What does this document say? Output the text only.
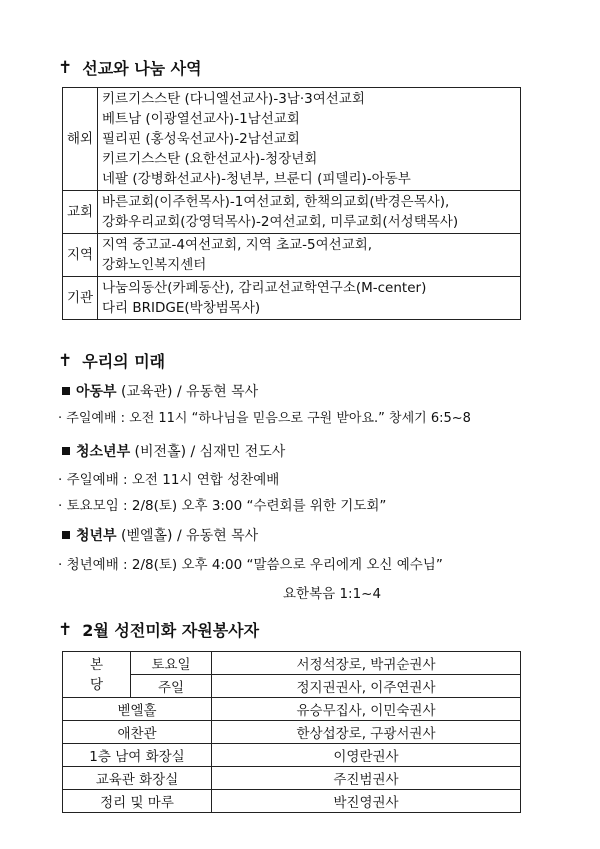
✝ 선교와 나눔 사역
해외	키르기스스탄 (다니엘선교사)-3남·3여선교회
베트남 (이광열선교사)-1남선교회
필리핀 (홍성욱선교사)-2남선교회
키르기스스탄 (요한선교사)-청장년회
네팔 (강병화선교사)-청년부, 브룬디 (피델리)-아동부

교회	바른교회(이주헌목사)-1여선교회, 한책의교회(박경은목사),
강화우리교회(강영덕목사)-2여선교회, 미루교회(서성택목사)

지역	지역 중고교-4여선교회, 지역 초교-5여선교회,
강화노인복지센터

기관	나눔의동산(카페동산), 감리교선교학연구소(M-center)
다리 BRIDGE(박창범목사)
✝ 우리의 미래
아동부 (교육관) / 유동현 목사
· 주일예배 : 오전 11시 “하나님을 믿음으로 구원 받아요.” 창세기 6:5~8
청소년부 (비전홀) / 심재민 전도사
· 주일예배 : 오전 11시 연합 성찬예배
· 토요모임 : 2/8(토) 오후 3:00 “수련회를 위한 기도회”
청년부 (벧엘홀) / 유동현 목사
· 청년예배 : 2/8(토) 오후 4:00 “말씀으로 우리에게 오신 예수님”
요한복음 1:1~4
✝ 2월 성전미화 자원봉사자
본
당	토요일	서정석장로, 박귀순권사
	주일	정지권권사, 이주연권사
벧엘홀		유승무집사, 이민숙권사
애찬관		한상섭장로, 구광서권사
1층 남여 화장실		이영란권사
교육관 화장실		주진범권사
정리 및 마루		박진영권사
